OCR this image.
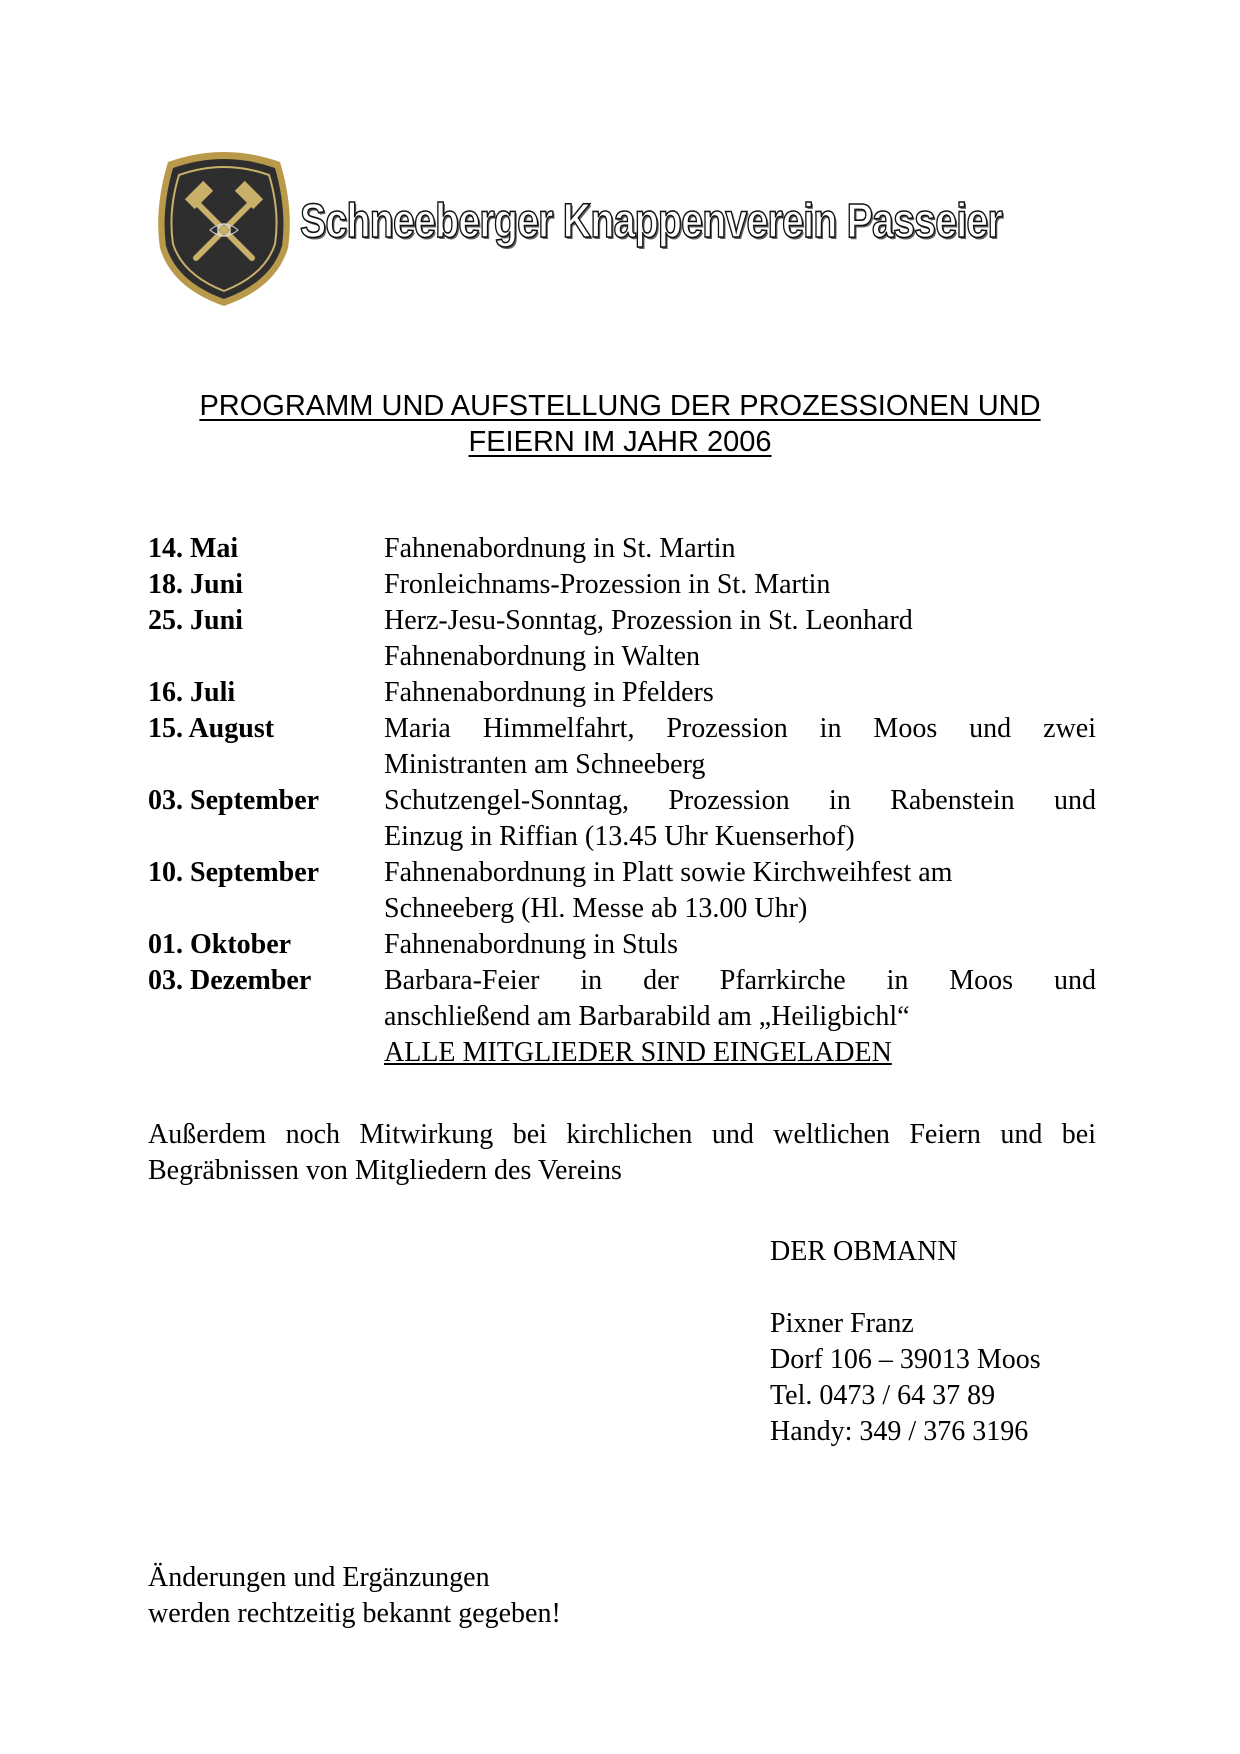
Schneeberger Knappenverein Passeier
PROGRAMM UND AUFSTELLUNG DER PROZESSIONEN UND
FEIERN IM JAHR 2006
14. Mai	Fahnenabordnung in St. Martin
18. Juni	Fronleichnams-Prozession in St. Martin
25. Juni	Herz-Jesu-Sonntag, Prozession in St. Leonhard
Fahnenabordnung in Walten
16. Juli	Fahnenabordnung in Pfelders
15. August	Maria Himmelfahrt, Prozession in Moos und zwei
Ministranten am Schneeberg
03. September	Schutzengel-Sonntag, Prozession in Rabenstein und
Einzug in Riffian (13.45 Uhr Kuenserhof)
10. September	Fahnenabordnung in Platt sowie Kirchweihfest am
Schneeberg (Hl. Messe ab 13.00 Uhr)
01. Oktober	Fahnenabordnung in Stuls
03. Dezember	Barbara-Feier in der Pfarrkirche in Moos und
anschließend am Barbarabild am „Heiligbichl“
ALLE MITGLIEDER SIND EINGELADEN
Außerdem noch Mitwirkung bei kirchlichen und weltlichen Feiern und bei
Begräbnissen von Mitgliedern des Vereins
DER OBMANN
Pixner Franz
Dorf 106 – 39013 Moos
Tel. 0473 / 64 37 89
Handy: 349 / 376 3196
Änderungen und Ergänzungen
werden rechtzeitig bekannt gegeben!
